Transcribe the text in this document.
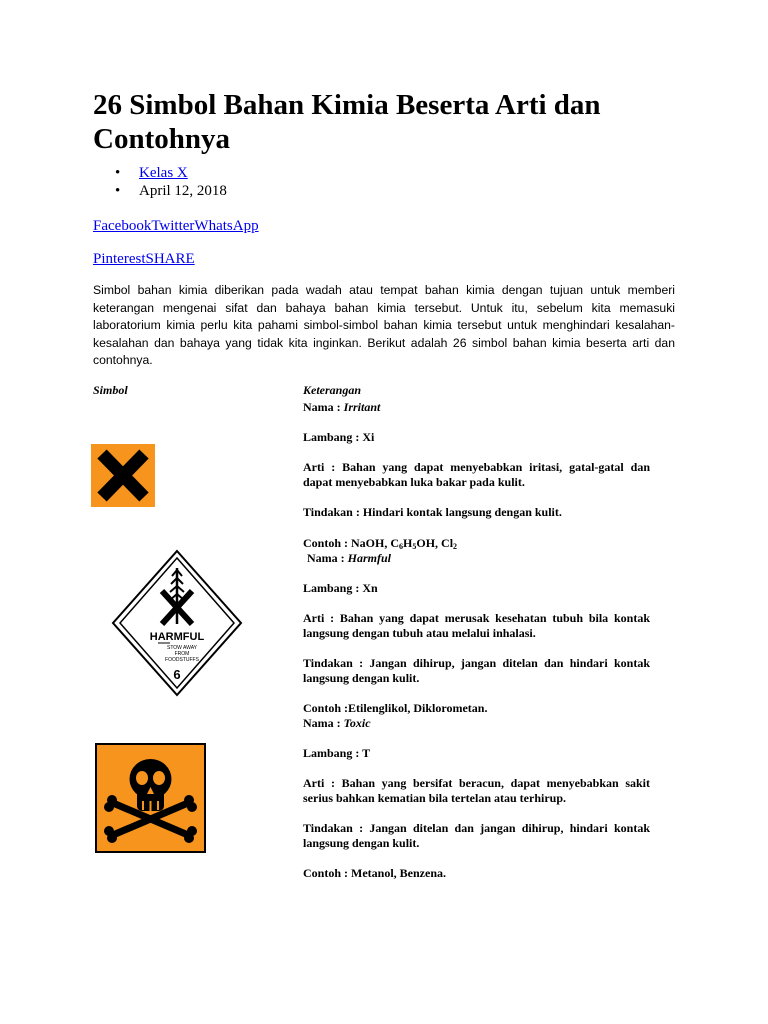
26 Simbol Bahan Kimia Beserta Arti dan Contohnya
• Kelas X
• April 12, 2018
FacebookTwitterWhatsApp
PinterestSHARE

Simbol bahan kimia diberikan pada wadah atau tempat bahan kimia dengan tujuan untuk memberi keterangan mengenai sifat dan bahaya bahan kimia tersebut. Untuk itu, sebelum kita memasuki laboratorium kimia perlu kita pahami simbol-simbol bahan kimia tersebut untuk menghindari kesalahan-kesalahan dan bahaya yang tidak kita inginkan. Berikut adalah 26 simbol bahan kimia beserta arti dan contohnya.

Simbol	Keterangan

Nama : Irritant

Lambang : Xi

Arti : Bahan yang dapat menyebabkan iritasi, gatal-gatal dan dapat menyebabkan luka bakar pada kulit.

Tindakan : Hindari kontak langsung dengan kulit.

Contoh : NaOH, $C_6H_5OH$, $Cl_2$

Nama : Harmful

Lambang : Xn

Arti : Bahan yang dapat merusak kesehatan tubuh bila kontak langsung dengan tubuh atau melalui inhalasi.

Tindakan : Jangan dihirup, jangan ditelan dan hindari kontak langsung dengan kulit.

Contoh :Etilenglikol, Diklorometan.

Nama : Toxic

Lambang : T

Arti : Bahan yang bersifat beracun, dapat menyebabkan sakit serius bahkan kematian bila tertelan atau terhirup.

Tindakan : Jangan ditelan dan jangan dihirup, hindari kontak langsung dengan kulit.

Contoh : Metanol, Benzena.

HARMFUL
STOW AWAY
FROM
FOODSTUFFS
6
